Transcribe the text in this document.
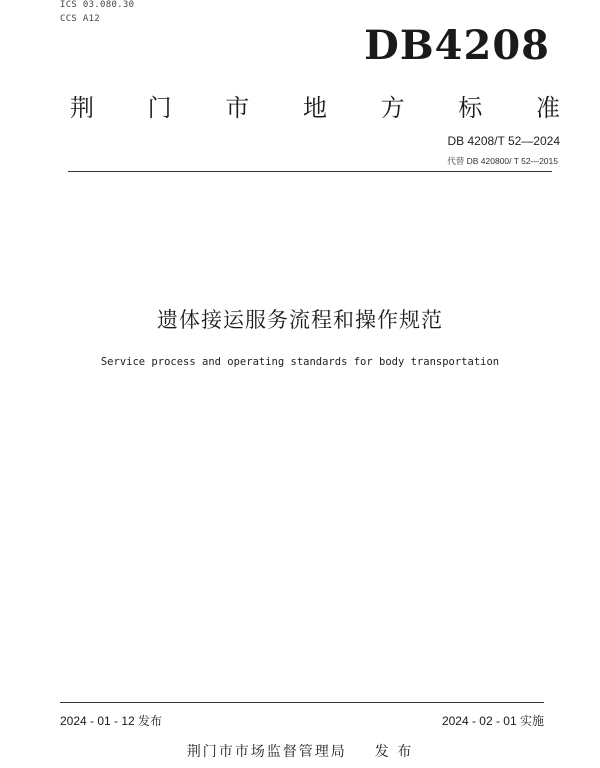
ICS 03.080.30
CCS A12
DB4208
荆 门 市 地 方 标 准
DB 4208/T 52—2024
代替 DB 420800/ T 52—2015
遗体接运服务流程和操作规范
Service process and operating standards for body transportation
2024 - 01 - 12 发布	2024 - 02 - 01 实施
荆门市市场监督管理局 发 布
